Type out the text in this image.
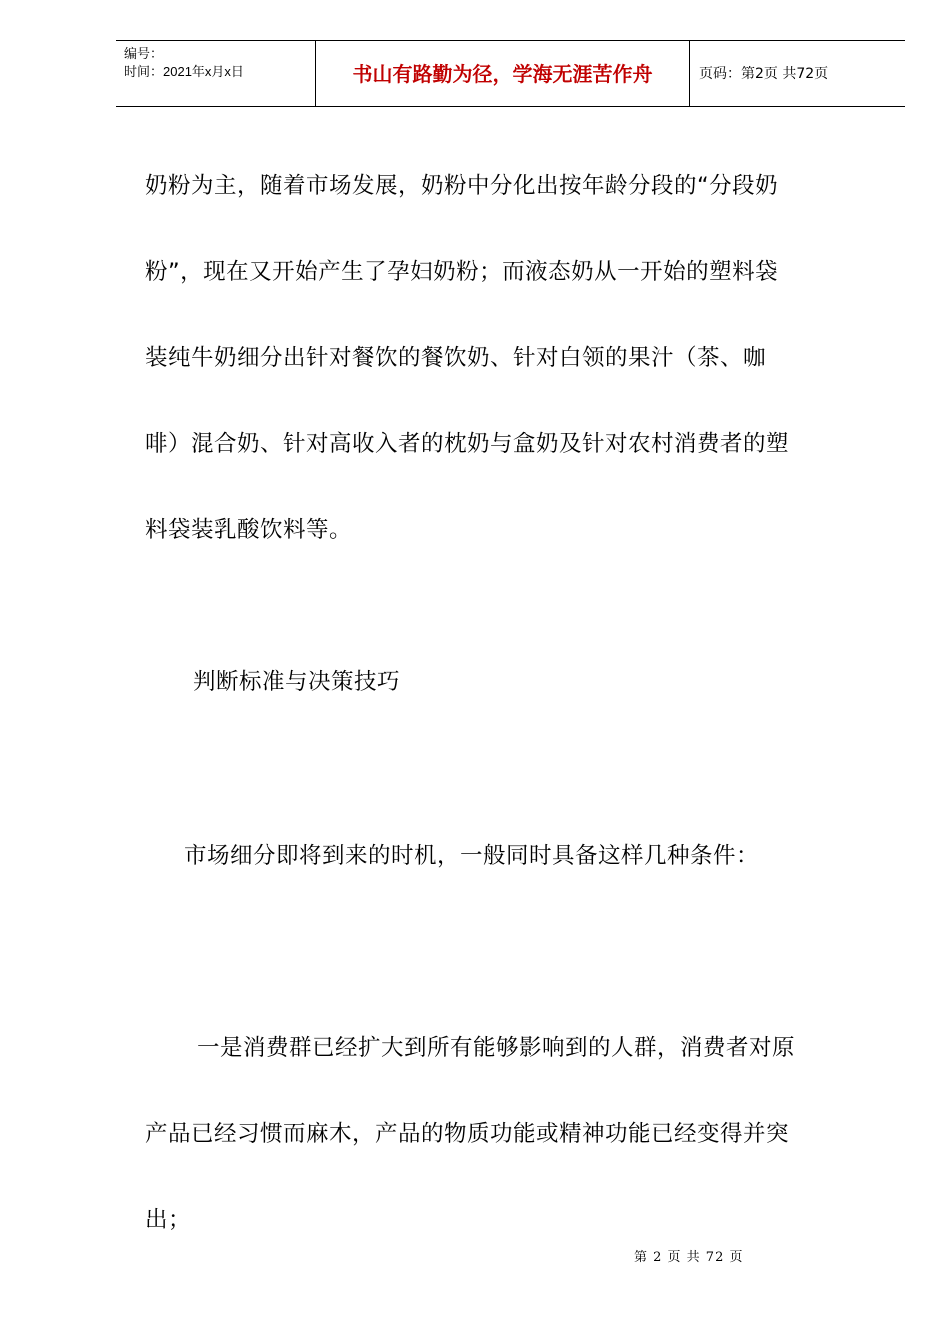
编号：
时间：2021年x月x日	书山有路勤为径，学海无涯苦作舟	页码：第2页 共72页
奶粉为主，随着市场发展，奶粉中分化出按年龄分段的“分段奶
粉”，现在又开始产生了孕妇奶粉；而液态奶从一开始的塑料袋
装纯牛奶细分出针对餐饮的餐饮奶、针对白领的果汁（茶、咖
啡）混合奶、针对高收入者的枕奶与盒奶及针对农村消费者的塑
料袋装乳酸饮料等。
判断标准与决策技巧
市场细分即将到来的时机，一般同时具备这样几种条件：
一是消费群已经扩大到所有能够影响到的人群，消费者对原
产品已经习惯而麻木，产品的物质功能或精神功能已经变得并突
出；
第 2 页 共 72 页
